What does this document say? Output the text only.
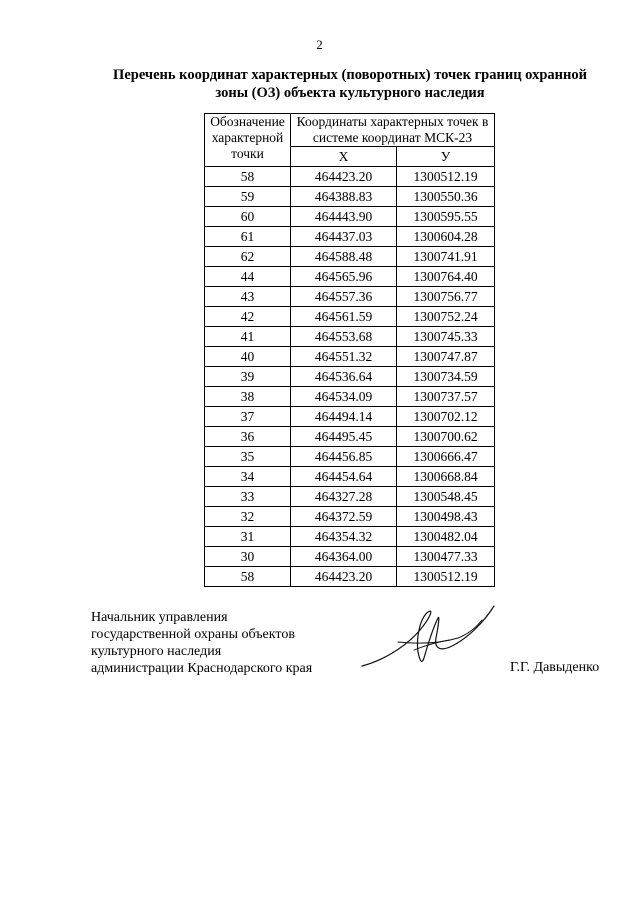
2
Перечень координат характерных (поворотных) точек границ охранной зоны (ОЗ) объекта культурного наследия
Обозначение характерной точки	Координаты характерных точек в системе координат МСК-23	
	Х	У
58	464423.20	1300512.19
59	464388.83	1300550.36
60	464443.90	1300595.55
61	464437.03	1300604.28
62	464588.48	1300741.91
44	464565.96	1300764.40
43	464557.36	1300756.77
42	464561.59	1300752.24
41	464553.68	1300745.33
40	464551.32	1300747.87
39	464536.64	1300734.59
38	464534.09	1300737.57
37	464494.14	1300702.12
36	464495.45	1300700.62
35	464456.85	1300666.47
34	464454.64	1300668.84
33	464327.28	1300548.45
32	464372.59	1300498.43
31	464354.32	1300482.04
30	464364.00	1300477.33
58	464423.20	1300512.19
Начальник управления
государственной охраны объектов
культурного наследия
администрации Краснодарского края	Г.Г. Давыденко
